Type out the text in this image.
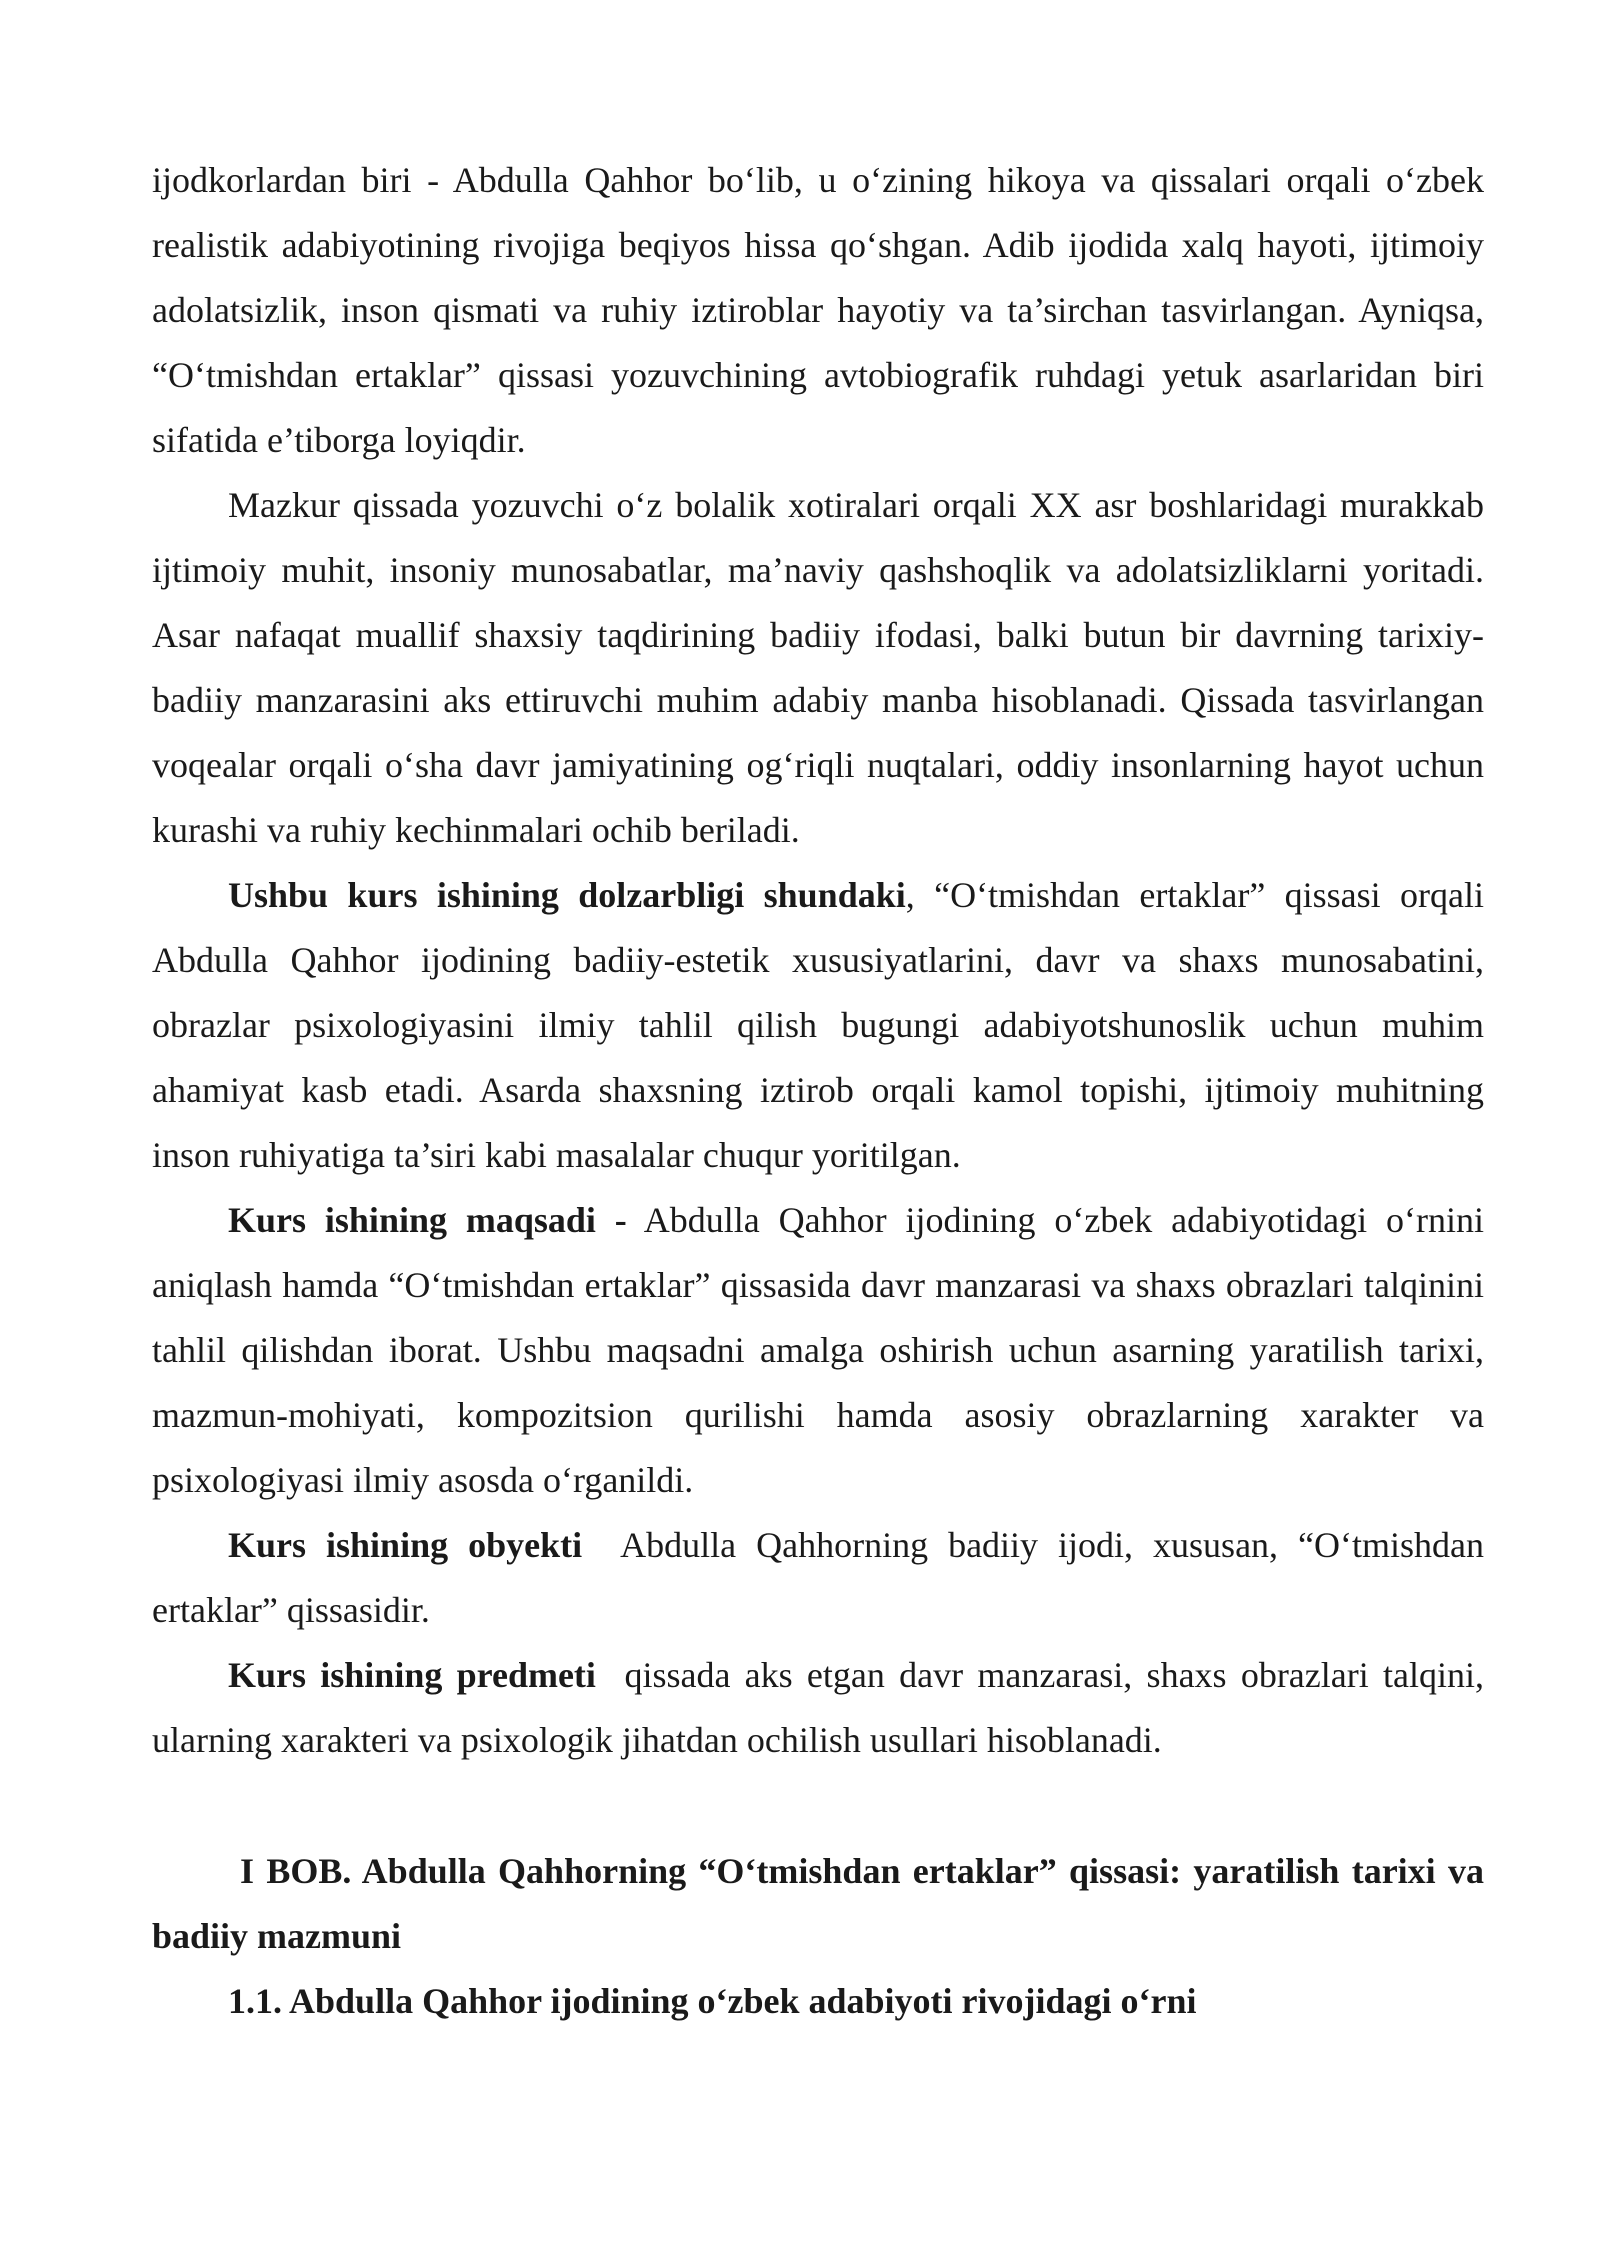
ijodkorlardan biri - Abdulla Qahhor bo‘lib, u o‘zining hikoya va qissalari orqali o‘zbek realistik adabiyotining rivojiga beqiyos hissa qo‘shgan. Adib ijodida xalq hayoti, ijtimoiy adolatsizlik, inson qismati va ruhiy iztiroblar hayotiy va ta’sirchan tasvirlangan. Ayniqsa, “O‘tmishdan ertaklar” qissasi yozuvchining avtobiografik ruhdagi yetuk asarlaridan biri sifatida e’tiborga loyiqdir.

Mazkur qissada yozuvchi o‘z bolalik xotiralari orqali XX asr boshlaridagi murakkab ijtimoiy muhit, insoniy munosabatlar, ma’naviy qashshoqlik va adolatsizliklarni yoritadi. Asar nafaqat muallif shaxsiy taqdirining badiiy ifodasi, balki butun bir davrning tarixiy-badiiy manzarasini aks ettiruvchi muhim adabiy manba hisoblanadi. Qissada tasvirlangan voqealar orqali o‘sha davr jamiyatining og‘riqli nuqtalari, oddiy insonlarning hayot uchun kurashi va ruhiy kechinmalari ochib beriladi.

Ushbu kurs ishining dolzarbligi shundaki, “O‘tmishdan ertaklar” qissasi orqali Abdulla Qahhor ijodining badiiy-estetik xususiyatlarini, davr va shaxs munosabatini, obrazlar psixologiyasini ilmiy tahlil qilish bugungi adabiyotshunoslik uchun muhim ahamiyat kasb etadi. Asarda shaxsning iztirob orqali kamol topishi, ijtimoiy muhitning inson ruhiyatiga ta’siri kabi masalalar chuqur yoritilgan.

Kurs ishining maqsadi - Abdulla Qahhor ijodining o‘zbek adabiyotidagi o‘rnini aniqlash hamda “O‘tmishdan ertaklar” qissasida davr manzarasi va shaxs obrazlari talqinini tahlil qilishdan iborat. Ushbu maqsadni amalga oshirish uchun asarning yaratilish tarixi, mazmun-mohiyati, kompozitsion qurilishi hamda asosiy obrazlarning xarakter va psixologiyasi ilmiy asosda o‘rganildi.

Kurs ishining obyekti  Abdulla Qahhorning badiiy ijodi, xususan, “O‘tmishdan ertaklar” qissasidir.

Kurs ishining predmeti  qissada aks etgan davr manzarasi, shaxs obrazlari talqini, ularning xarakteri va psixologik jihatdan ochilish usullari hisoblanadi.

I BOB. Abdulla Qahhorning “O‘tmishdan ertaklar” qissasi: yaratilish tarixi va badiiy mazmuni
1.1. Abdulla Qahhor ijodining o‘zbek adabiyoti rivojidagi o‘rni
